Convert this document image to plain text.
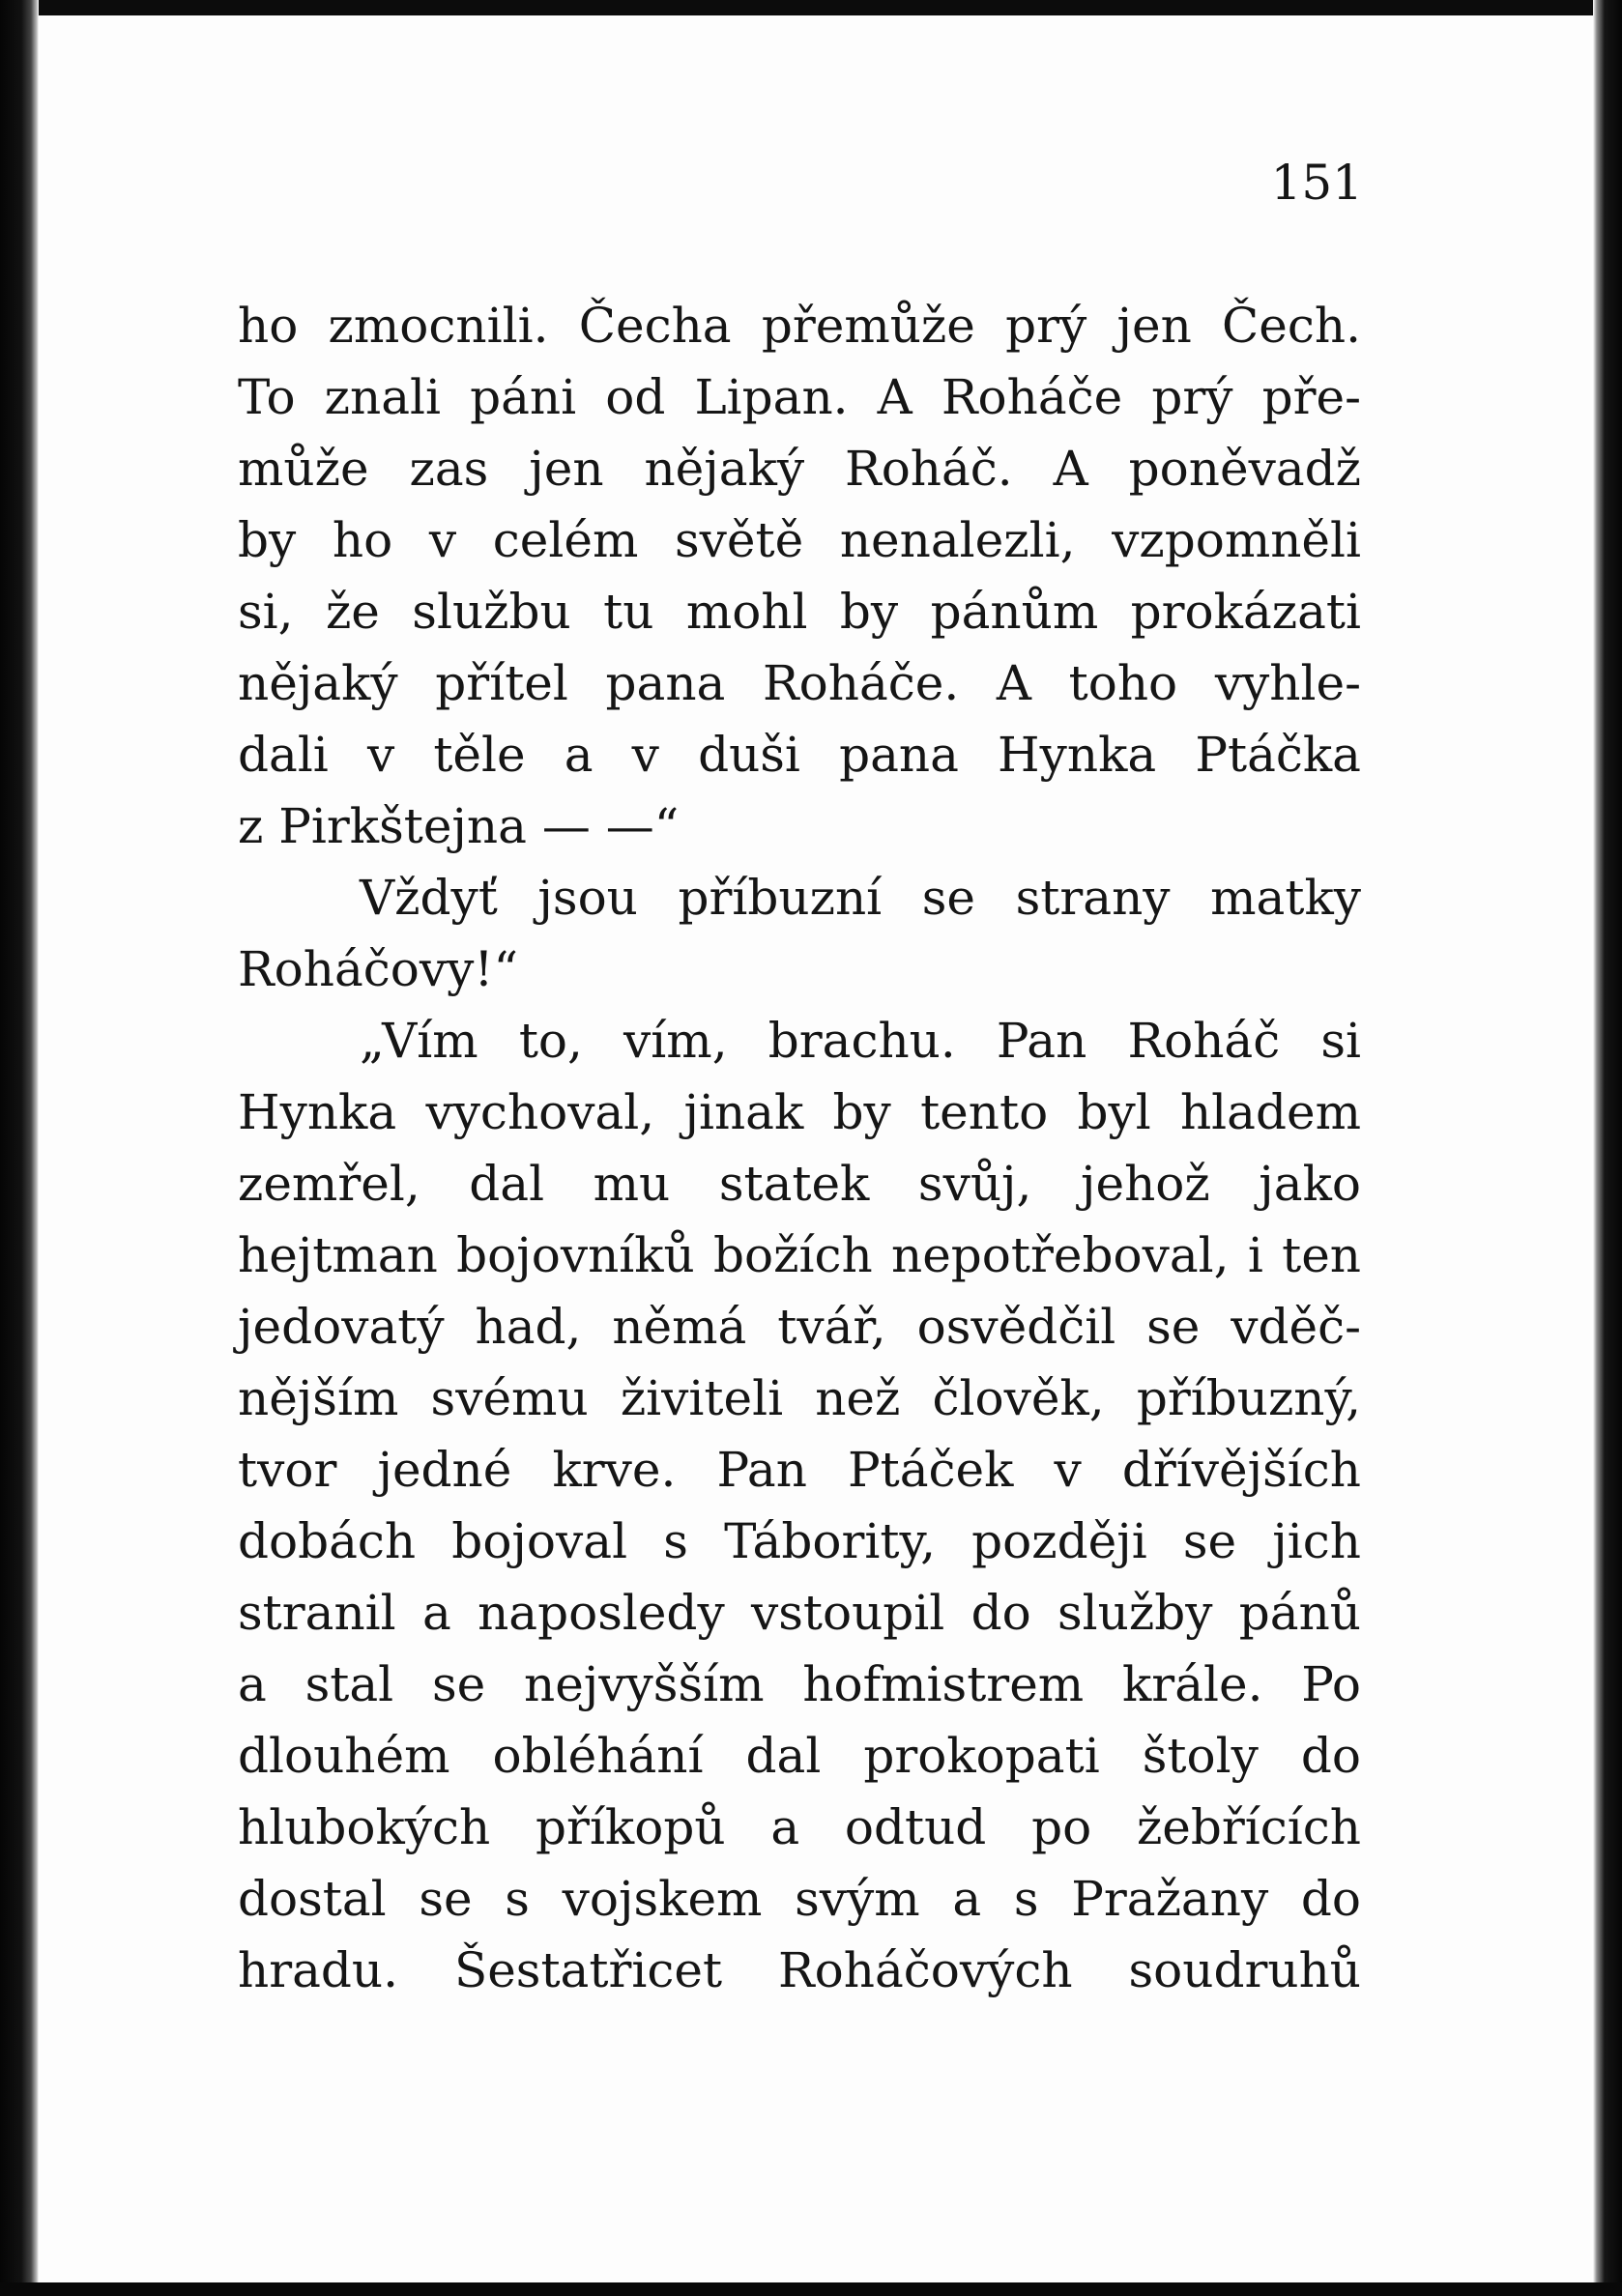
151

ho zmocnili. Čecha přemůže prý jen Čech.
To znali páni od Lipan. A Roháče prý pře-
může zas jen nějaký Roháč. A poněvadž
by ho v celém světě nenalezli, vzpomněli
si, že službu tu mohl by pánům prokázati
nějaký přítel pana Roháče. A toho vyhle-
dali v těle a v duši pana Hynka Ptáčka
z Pirkštejna — —“
Vždyť jsou příbuzní se strany matky
Roháčovy!“
„Vím to, vím, brachu. Pan Roháč si
Hynka vychoval, jinak by tento byl hladem
zemřel, dal mu statek svůj, jehož jako
hejtman bojovníků božích nepotřeboval, i ten
jedovatý had, němá tvář, osvědčil se vděč-
nějším svému živiteli než člověk, příbuzný,
tvor jedné krve. Pan Ptáček v dřívějších
dobách bojoval s Tábority, později se jich
stranil a naposledy vstoupil do služby pánů
a stal se nejvyšším hofmistrem krále. Po
dlouhém obléhání dal prokopati štoly do
hlubokých příkopů a odtud po žebřících
dostal se s vojskem svým a s Pražany do
hradu. Šestatřicet Roháčových soudruhů
